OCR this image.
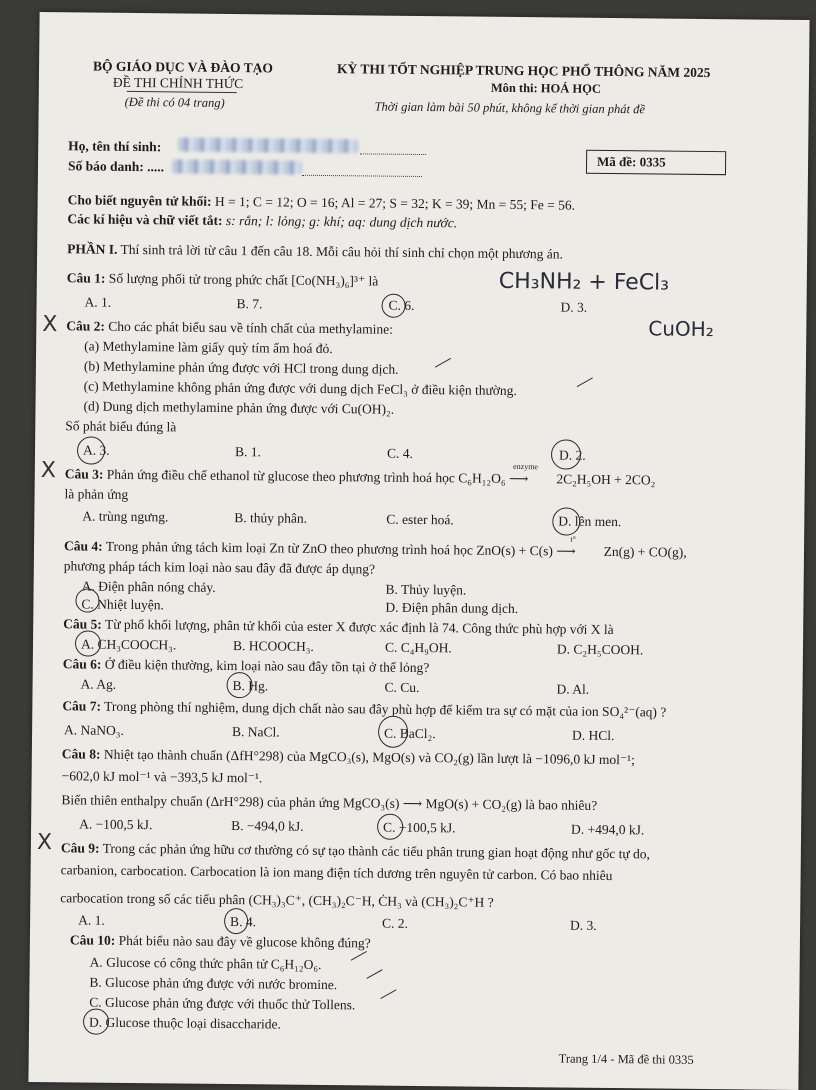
BỘ GIÁO DỤC VÀ ĐÀO TẠO
ĐỀ THI CHÍNH THỨC
(Đề thi có 04 trang)
KỲ THI TỐT NGHIỆP TRUNG HỌC PHỔ THÔNG NĂM 2025
Môn thi: HOÁ HỌC
Thời gian làm bài 50 phút, không kể thời gian phát đề
Họ, tên thí sinh:
Số báo danh: .....	Mã đề: 0335
Cho biết nguyên tử khối: H = 1; C = 12; O = 16; Al = 27; S = 32; K = 39; Mn = 55; Fe = 56.
Các kí hiệu và chữ viết tắt: s: rắn; l: lỏng; g: khí; aq: dung dịch nước.
PHẦN I. Thí sinh trả lời từ câu 1 đến câu 18. Mỗi câu hỏi thí sinh chỉ chọn một phương án.
Câu 1: Số lượng phối tử trong phức chất [Co(NH₃)₆]³⁺ là
A. 1.	B. 7.	C. 6.	D. 3.
CH₃NH₂ + FeCl₃
CuOH₂
X Câu 2: Cho các phát biểu sau về tính chất của methylamine:
(a) Methylamine làm giấy quỳ tím ẩm hoá đỏ.
(b) Methylamine phản ứng được với HCl trong dung dịch.
(c) Methylamine không phản ứng được với dung dịch FeCl₃ ở điều kiện thường.
(d) Dung dịch methylamine phản ứng được với Cu(OH)₂.
Số phát biểu đúng là
A. 3.	B. 1.	C. 4.	D. 2.
X Câu 3: Phản ứng điều chế ethanol từ glucose theo phương trình hoá học C₆H₁₂O₆
enzyme
⟶ 2C₂H₅OH + 2CO₂
là phản ứng
A. trùng ngưng.	B. thủy phân.	C. ester hoá.	D. lên men.
Câu 4: Trong phản ứng tách kim loại Zn từ ZnO theo phương trình hoá học ZnO(s) + C(s) t°
⟶ Zn(g) + CO(g),
phương pháp tách kim loại nào sau đây đã được áp dụng?
A. Điện phân nóng chảy.	B. Thủy luyện.
C. Nhiệt luyện.	D. Điện phân dung dịch.
Câu 5: Từ phổ khối lượng, phân tử khối của ester X được xác định là 74. Công thức phù hợp với X là
A. CH₃COOCH₃.	B. HCOOCH₃.	C. C₄H₉OH.	D. C₂H₅COOH.
Câu 6: Ở điều kiện thường, kim loại nào sau đây tồn tại ở thể lỏng?
A. Ag.	B. Hg.	C. Cu.	D. Al.
Câu 7: Trong phòng thí nghiệm, dung dịch chất nào sau đây phù hợp để kiểm tra sự có mặt của ion SO₄²⁻(aq) ?
A. NaNO₃.	B. NaCl.	C. BaCl₂.	D. HCl.
Câu 8: Nhiệt tạo thành chuẩn (ΔfH°298) của MgCO₃(s), MgO(s) và CO₂(g) lần lượt là −1096,0 kJ mol⁻¹;
−602,0 kJ mol⁻¹ và −393,5 kJ mol⁻¹.
Biến thiên enthalpy chuẩn (ΔrH°298) của phản ứng MgCO₃(s) ⟶ MgO(s) + CO₂(g) là bao nhiêu?
A. −100,5 kJ.	B. −494,0 kJ.	C. +100,5 kJ.	D. +494,0 kJ.
X Câu 9: Trong các phản ứng hữu cơ thường có sự tạo thành các tiểu phân trung gian hoạt động như gốc tự do,
carbanion, carbocation. Carbocation là ion mang điện tích dương trên nguyên tử carbon. Có bao nhiêu
carbocation trong số các tiểu phân (CH₃)₃C⁺, (CH₃)₂C⁻H, ĊH₃ và (CH₃)₂C⁺H ?
A. 1.	B. 4.	C. 2.	D. 3.
Câu 10: Phát biểu nào sau đây về glucose không đúng?
A. Glucose có công thức phân tử C₆H₁₂O₆.
B. Glucose phản ứng được với nước bromine.
C. Glucose phản ứng được với thuốc thử Tollens.
D. Glucose thuộc loại disaccharide.
Trang 1/4 - Mã đề thi 0335
